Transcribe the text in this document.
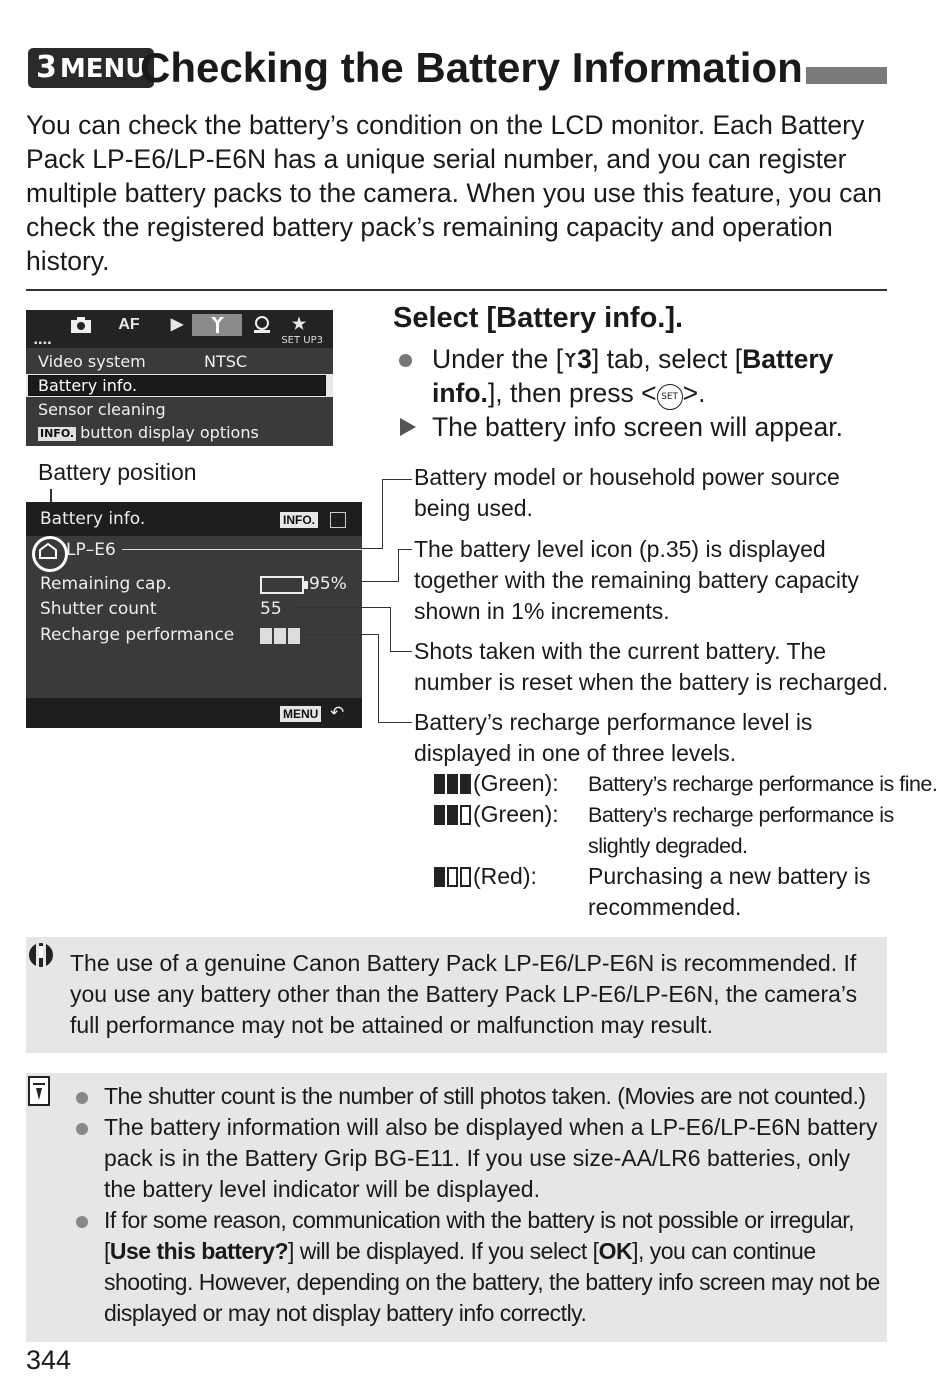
3 MENU
Checking the Battery Information
You can check the battery’s condition on the LCD monitor. Each Battery Pack LP-E6/LP-E6N has a unique serial number, and you can register multiple battery packs to the camera. When you use this feature, you can check the registered battery pack’s remaining capacity and operation history.
AF	▶	★
▪▪▪▪	SET UP3
Video system	NTSC
Battery info.
Sensor cleaning
INFO. button display options
Select [Battery info.].
Under the [ 3] tab, select [Battery
info.], then press < SET >.
The battery info screen will appear.
Battery position
Battery info.	INFO.
LP–E6
Remaining cap.	95%
Shutter count	55
Recharge performance
MENU ↶
Battery model or household power source being used.
The battery level icon (p.35) is displayed together with the remaining battery capacity shown in 1% increments.
Shots taken with the current battery. The number is reset when the battery is recharged.
Battery’s recharge performance level is displayed in one of three levels.
(Green): Battery’s recharge performance is fine.
(Green): Battery’s recharge performance is
slightly degraded.
(Red): Purchasing a new battery is
recommended.
The use of a genuine Canon Battery Pack LP-E6/LP-E6N is recommended. If you use any battery other than the Battery Pack LP-E6/LP-E6N, the camera’s full performance may not be attained or malfunction may result.
The shutter count is the number of still photos taken. (Movies are not counted.)
The battery information will also be displayed when a LP-E6/LP-E6N battery pack is in the Battery Grip BG-E11. If you use size-AA/LR6 batteries, only the battery level indicator will be displayed.
If for some reason, communication with the battery is not possible or irregular, [Use this battery?] will be displayed. If you select [OK], you can continue shooting. However, depending on the battery, the battery info screen may not be displayed or may not display battery info correctly.
344
